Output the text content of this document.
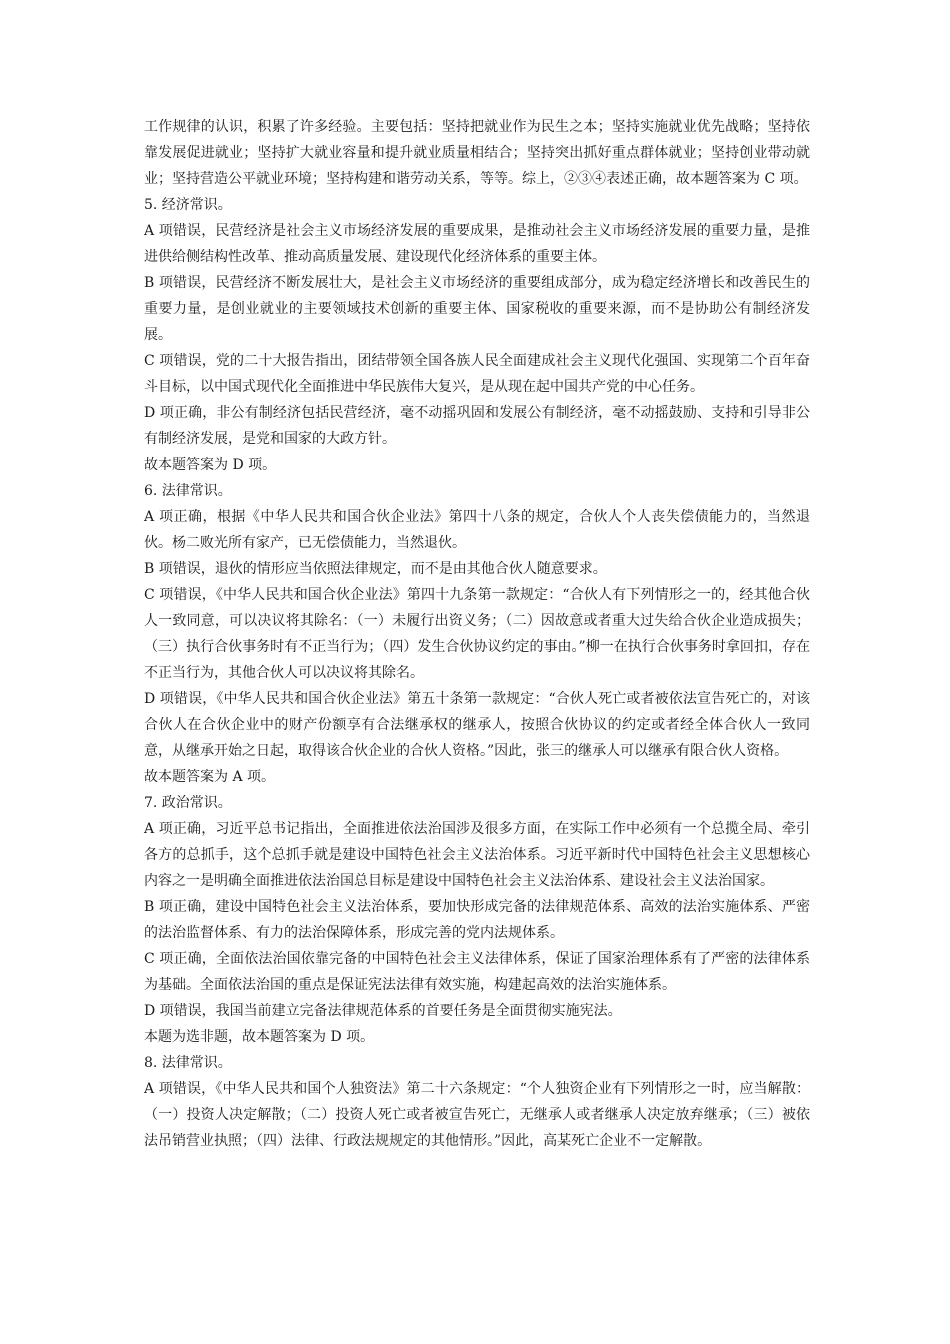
工作规律的认识，积累了许多经验。主要包括：坚持把就业作为民生之本；坚持实施就业优先战略；坚持依靠发展促进就业；坚持扩大就业容量和提升就业质量相结合；坚持突出抓好重点群体就业；坚持创业带动就业；坚持营造公平就业环境；坚持构建和谐劳动关系，等等。综上，②③④表述正确，故本题答案为 C 项。

5. 经济常识。

A 项错误，民营经济是社会主义市场经济发展的重要成果，是推动社会主义市场经济发展的重要力量，是推进供给侧结构性改革、推动高质量发展、建设现代化经济体系的重要主体。

B 项错误，民营经济不断发展壮大，是社会主义市场经济的重要组成部分，成为稳定经济增长和改善民生的重要力量，是创业就业的主要领域技术创新的重要主体、国家税收的重要来源，而不是协助公有制经济发展。

C 项错误，党的二十大报告指出，团结带领全国各族人民全面建成社会主义现代化强国、实现第二个百年奋斗目标，以中国式现代化全面推进中华民族伟大复兴，是从现在起中国共产党的中心任务。

D 项正确，非公有制经济包括民营经济，毫不动摇巩固和发展公有制经济，毫不动摇鼓励、支持和引导非公有制经济发展，是党和国家的大政方针。

故本题答案为 D 项。

6. 法律常识。

A 项正确，根据《中华人民共和国合伙企业法》第四十八条的规定，合伙人个人丧失偿债能力的，当然退伙。杨二败光所有家产，已无偿债能力，当然退伙。

B 项错误，退伙的情形应当依照法律规定，而不是由其他合伙人随意要求。

C 项错误，《中华人民共和国合伙企业法》第四十九条第一款规定：“合伙人有下列情形之一的，经其他合伙人一致同意，可以决议将其除名：（一）未履行出资义务；（二）因故意或者重大过失给合伙企业造成损失；（三）执行合伙事务时有不正当行为；（四）发生合伙协议约定的事由。”柳一在执行合伙事务时拿回扣，存在不正当行为，其他合伙人可以决议将其除名。

D 项错误，《中华人民共和国合伙企业法》第五十条第一款规定：“合伙人死亡或者被依法宣告死亡的，对该合伙人在合伙企业中的财产份额享有合法继承权的继承人，按照合伙协议的约定或者经全体合伙人一致同意，从继承开始之日起，取得该合伙企业的合伙人资格。”因此，张三的继承人可以继承有限合伙人资格。

故本题答案为 A 项。

7. 政治常识。

A 项正确，习近平总书记指出，全面推进依法治国涉及很多方面，在实际工作中必须有一个总揽全局、牵引各方的总抓手，这个总抓手就是建设中国特色社会主义法治体系。习近平新时代中国特色社会主义思想核心内容之一是明确全面推进依法治国总目标是建设中国特色社会主义法治体系、建设社会主义法治国家。

B 项正确，建设中国特色社会主义法治体系，要加快形成完备的法律规范体系、高效的法治实施体系、严密的法治监督体系、有力的法治保障体系，形成完善的党内法规体系。

C 项正确，全面依法治国依靠完备的中国特色社会主义法律体系，保证了国家治理体系有了严密的法律体系为基础。全面依法治国的重点是保证宪法法律有效实施，构建起高效的法治实施体系。

D 项错误，我国当前建立完备法律规范体系的首要任务是全面贯彻实施宪法。

本题为选非题，故本题答案为 D 项。

8. 法律常识。

A 项错误，《中华人民共和国个人独资法》第二十六条规定：“个人独资企业有下列情形之一时，应当解散：（一）投资人决定解散；（二）投资人死亡或者被宣告死亡，无继承人或者继承人决定放弃继承；（三）被依法吊销营业执照；（四）法律、行政法规规定的其他情形。”因此，高某死亡企业不一定解散。
